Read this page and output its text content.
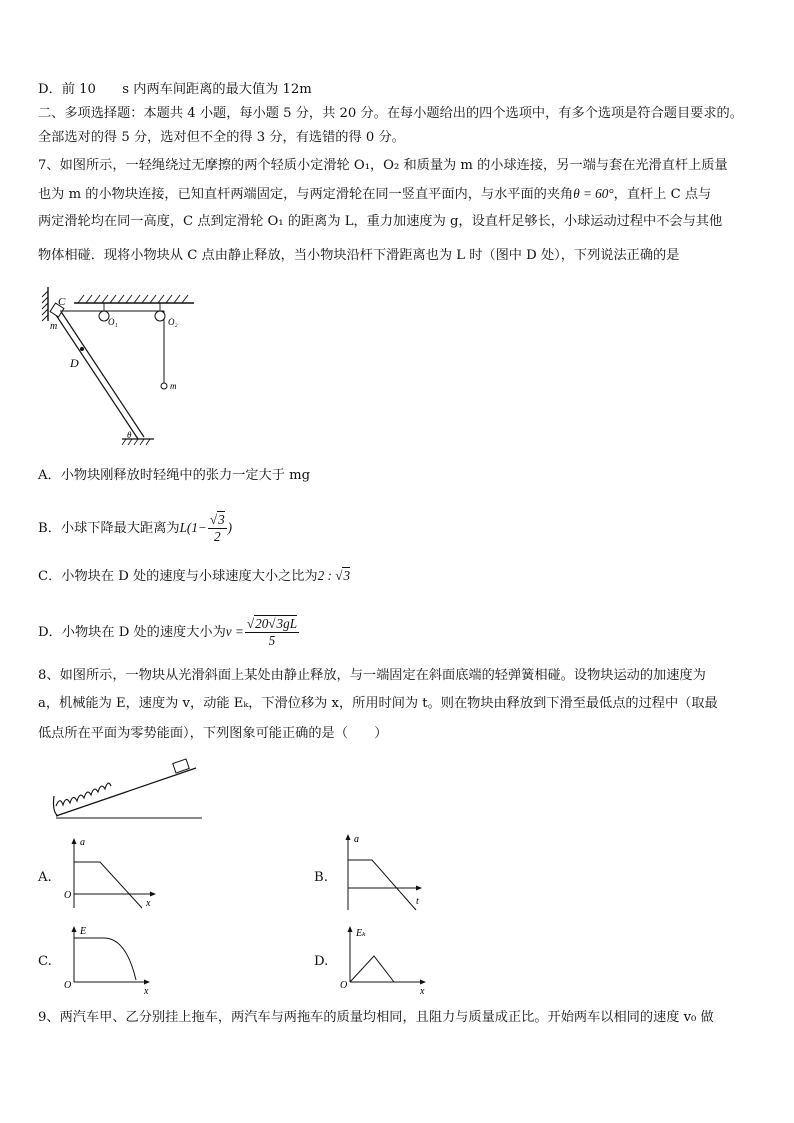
D．前 10　　s 内两车间距离的最大值为 12m
二、多项选择题：本题共 4 小题，每小题 5 分，共 20 分。在每小题给出的四个选项中，有多个选项是符合题目要求的。
全部选对的得 5 分，选对但不全的得 3 分，有选错的得 0 分。
7、如图所示，一轻绳绕过无摩擦的两个轻质小定滑轮 O₁，O₂ 和质量为 m 的小球连接，另一端与套在光滑直杆上质量
也为 m 的小物块连接，已知直杆两端固定，与两定滑轮在同一竖直平面内，与水平面的夹角θ = 60°，直杆上 C 点与
两定滑轮均在同一高度，C 点到定滑轮 O₁ 的距离为 L，重力加速度为 g，设直杆足够长，小球运动过程中不会与其他
物体相碰．现将小物块从 C 点由静止释放，当小物块沿杆下滑距离也为 L 时（图中 D 处），下列说法正确的是
C
m	O₁	O₂
D
m
θ
A．小物块刚释放时轻绳中的张力一定大于 mg
B．小球下降最大距离为$L(1- \frac{√3}{2}$ )
C．小物块在 D 处的速度与小球速度大小之比为2 : √3
D．小物块在 D 处的速度大小为$v = \frac{√20√3gL}{5}$
8、如图所示，一物块从光滑斜面上某处由静止释放，与一端固定在斜面底端的轻弹簧相碰。设物块运动的加速度为
a，机械能为 E，速度为 v，动能 Eₖ，下滑位移为 x，所用时间为 t。则在物块由释放到下滑至最低点的过程中（取最
低点所在平面为零势能面），下列图象可能正确的是（　　）
A.
a
x
O
B.
a
t
C.
E
x
O
D.
Eₖ
x
O
9、两汽车甲、乙分别挂上拖车，两汽车与两拖车的质量均相同，且阻力与质量成正比。开始两车以相同的速度 v₀ 做
